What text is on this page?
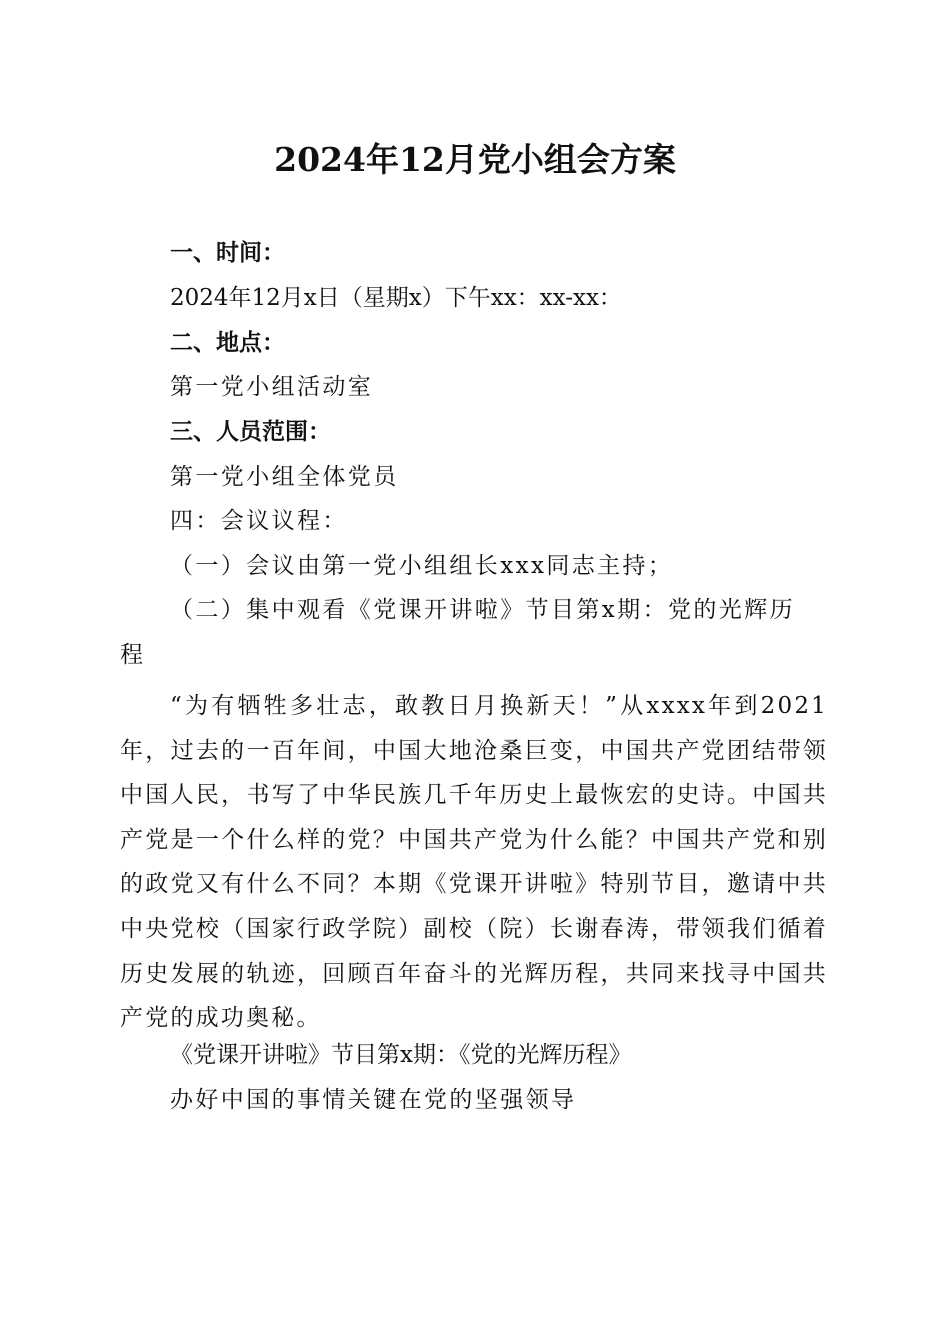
2024年12月党小组会方案
一、时间：
2024年12月x日（星期x）下午xx：xx-xx：
二、地点：
第一党小组活动室
三、人员范围：
第一党小组全体党员
四：会议议程：
（一）会议由第一党小组组长xxx同志主持；
（二）集中观看《党课开讲啦》节目第x期：党的光辉历
程
“为有牺牲多壮志，敢教日月换新天！”从xxxx年到2021年，过去的一百年间，中国大地沧桑巨变，中国共产党团结带领中国人民，书写了中华民族几千年历史上最恢宏的史诗。中国共产党是一个什么样的党？中国共产党为什么能？中国共产党和别的政党又有什么不同？本期《党课开讲啦》特别节目，邀请中共中央党校（国家行政学院）副校（院）长谢春涛，带领我们循着历史发展的轨迹，回顾百年奋斗的光辉历程，共同来找寻中国共产党的成功奥秘。
《党课开讲啦》节目第x期：《党的光辉历程》
办好中国的事情关键在党的坚强领导
